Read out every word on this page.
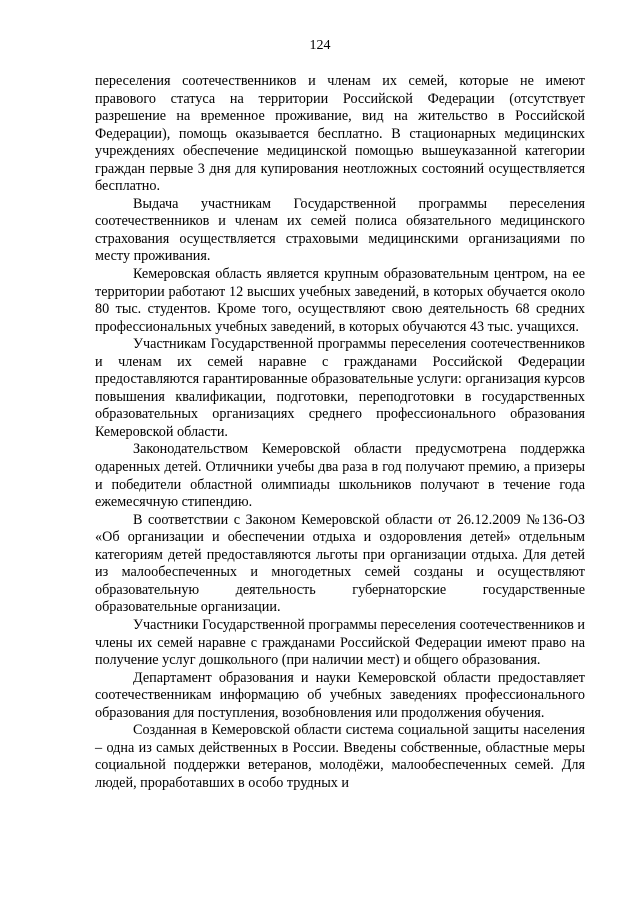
124

переселения соотечественников и членам их семей, которые не имеют правового статуса на территории Российской Федерации (отсутствует разрешение на временное проживание, вид на жительство в Российской Федерации), помощь оказывается бесплатно. В стационарных медицинских учреждениях обеспечение медицинской помощью вышеуказанной категории граждан первые 3 дня для купирования неотложных состояний осуществляется бесплатно.

Выдача участникам Государственной программы переселения соотечественников и членам их семей полиса обязательного медицинского страхования осуществляется страховыми медицинскими организациями по месту проживания.

Кемеровская область является крупным образовательным центром, на ее территории работают 12 высших учебных заведений, в которых обучается около 80 тыс. студентов. Кроме того, осуществляют свою деятельность 68 средних профессиональных учебных заведений, в которых обучаются 43 тыс. учащихся.

Участникам Государственной программы переселения соотечественников и членам их семей наравне с гражданами Российской Федерации предоставляются гарантированные образовательные услуги: организация курсов повышения квалификации, подготовки, переподготовки в государственных образовательных организациях среднего профессионального образования Кемеровской области.

Законодательством Кемеровской области предусмотрена поддержка одаренных детей. Отличники учебы два раза в год получают премию, а призеры и победители областной олимпиады школьников получают в течение года ежемесячную стипендию.

В соответствии с Законом Кемеровской области от 26.12.2009 №136-ОЗ «Об организации и обеспечении отдыха и оздоровления детей» отдельным категориям детей предоставляются льготы при организации отдыха. Для детей из малообеспеченных и многодетных семей созданы и осуществляют образовательную деятельность губернаторские государственные образовательные организации.

Участники Государственной программы переселения соотечественников и члены их семей наравне с гражданами Российской Федерации имеют право на получение услуг дошкольного (при наличии мест) и общего образования.

Департамент образования и науки Кемеровской области предоставляет соотечественникам информацию об учебных заведениях профессионального образования для поступления, возобновления или продолжения обучения.

Созданная в Кемеровской области система социальной защиты населения – одна из самых действенных в России. Введены собственные, областные меры социальной поддержки ветеранов, молодёжи, малообеспеченных семей. Для людей, проработавших в особо трудных и
